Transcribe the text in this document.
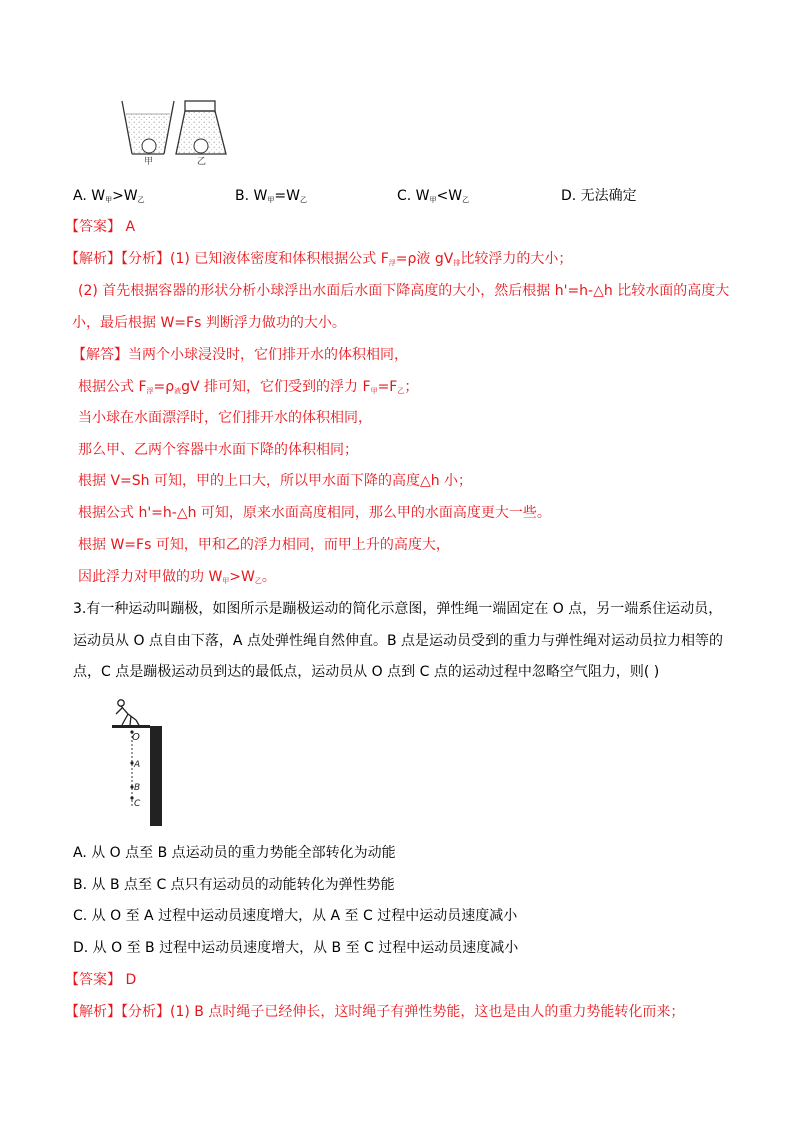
甲	乙
A. $W_甲>W_乙$	B. $W_甲=W_乙$	C. $W_甲<W_乙$	D. 无法确定
【答案】 A
【解析】【分析】(1) 已知液体密度和体积根据公式 $F_浮=\rho$液 $gV_排$比较浮力的大小；
(2) 首先根据容器的形状分析小球浮出水面后水面下降高度的大小，然后根据 h'=h-△h 比较水面的高度大
小，最后根据 W=Fs 判断浮力做功的大小。
【解答】当两个小球浸没时，它们排开水的体积相同，
根据公式 $F_浮=\rho_液gV$ 排可知，它们受到的浮力 $F_甲=F_乙$；
当小球在水面漂浮时，它们排开水的体积相同，
那么甲、乙两个容器中水面下降的体积相同；
根据 V=Sh 可知，甲的上口大，所以甲水面下降的高度△h 小；
根据公式 h'=h-△h 可知，原来水面高度相同，那么甲的水面高度更大一些。
根据 W=Fs 可知，甲和乙的浮力相同，而甲上升的高度大，
因此浮力对甲做的功 $W_甲>W_乙$。
3.有一种运动叫蹦极，如图所示是蹦极运动的简化示意图，弹性绳一端固定在 O 点，另一端系住运动员，
运动员从 O 点自由下落，A 点处弹性绳自然伸直。B 点是运动员受到的重力与弹性绳对运动员拉力相等的
点，C 点是蹦极运动员到达的最低点，运动员从 O 点到 C 点的运动过程中忽略空气阻力，则( )
O
A
B
C
A. 从 O 点至 B 点运动员的重力势能全部转化为动能
B. 从 B 点至 C 点只有运动员的动能转化为弹性势能
C. 从 O 至 A 过程中运动员速度增大，从 A 至 C 过程中运动员速度减小
D. 从 O 至 B 过程中运动员速度增大，从 B 至 C 过程中运动员速度减小
【答案】 D
【解析】【分析】(1) B 点时绳子已经伸长，这时绳子有弹性势能，这也是由人的重力势能转化而来；
